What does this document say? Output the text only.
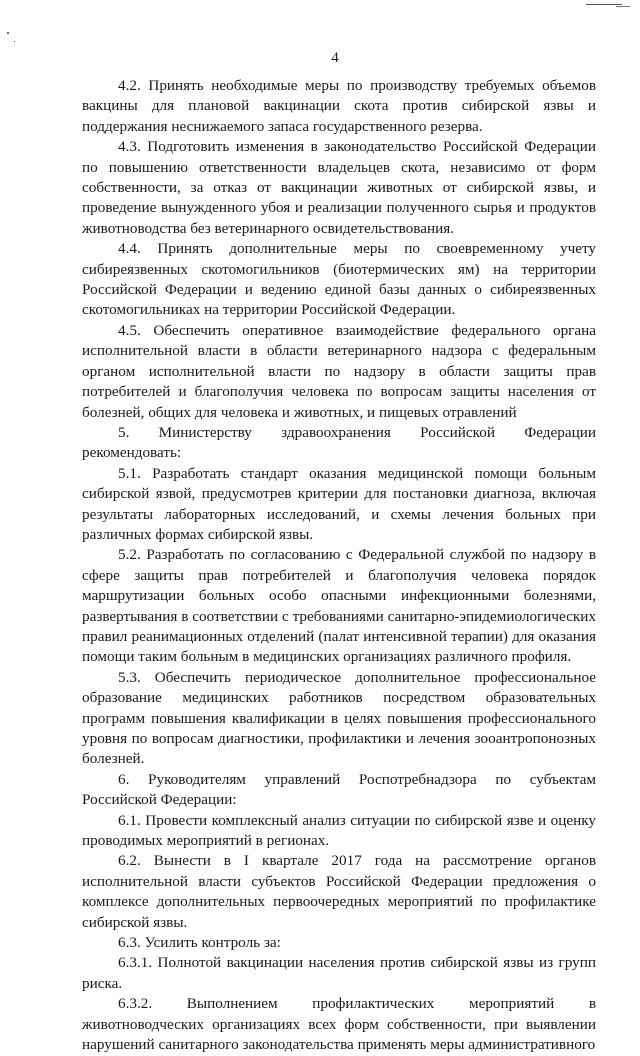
4

4.2. Принять необходимые меры по производству требуемых объемов вакцины для плановой вакцинации скота против сибирской язвы и поддержания неснижаемого запаса государственного резерва.

4.3. Подготовить изменения в законодательство Российской Федерации по повышению ответственности владельцев скота, независимо от форм собственности, за отказ от вакцинации животных от сибирской язвы, и проведение вынужденного убоя и реализации полученного сырья и продуктов животноводства без ветеринарного освидетельствования.

4.4. Принять дополнительные меры по своевременному учету сибиреязвенных скотомогильников (биотермических ям) на территории Российской Федерации и ведению единой базы данных о сибиреязвенных скотомогильниках на территории Российской Федерации.

4.5. Обеспечить оперативное взаимодействие федерального органа исполнительной власти в области ветеринарного надзора с федеральным органом исполнительной власти по надзору в области защиты прав потребителей и благополучия человека по вопросам защиты населения от болезней, общих для человека и животных, и пищевых отравлений

5. Министерству здравоохранения Российской Федерации рекомендовать:

5.1. Разработать стандарт оказания медицинской помощи больным сибирской язвой, предусмотрев критерии для постановки диагноза, включая результаты лабораторных исследований, и схемы лечения больных при различных формах сибирской язвы.

5.2. Разработать по согласованию с Федеральной службой по надзору в сфере защиты прав потребителей и благополучия человека порядок маршрутизации больных особо опасными инфекционными болезнями, развертывания в соответствии с требованиями санитарно-эпидемиологических правил реанимационных отделений (палат интенсивной терапии) для оказания помощи таким больным в медицинских организациях различного профиля.

5.3. Обеспечить периодическое дополнительное профессиональное образование медицинских работников посредством образовательных программ повышения квалификации в целях повышения профессионального уровня по вопросам диагностики, профилактики и лечения зооантропонозных болезней.

6. Руководителям управлений Роспотребнадзора по субъектам Российской Федерации:

6.1. Провести комплексный анализ ситуации по сибирской язве и оценку проводимых мероприятий в регионах.

6.2. Вынести в I квартале 2017 года на рассмотрение органов исполнительной власти субъектов Российской Федерации предложения о комплексе дополнительных первоочередных мероприятий по профилактике сибирской язвы.

6.3. Усилить контроль за:

6.3.1. Полнотой вакцинации населения против сибирской язвы из групп риска.

6.3.2. Выполнением профилактических мероприятий в животноводческих организациях всех форм собственности, при выявлении нарушений санитарного законодательства применять меры административного
